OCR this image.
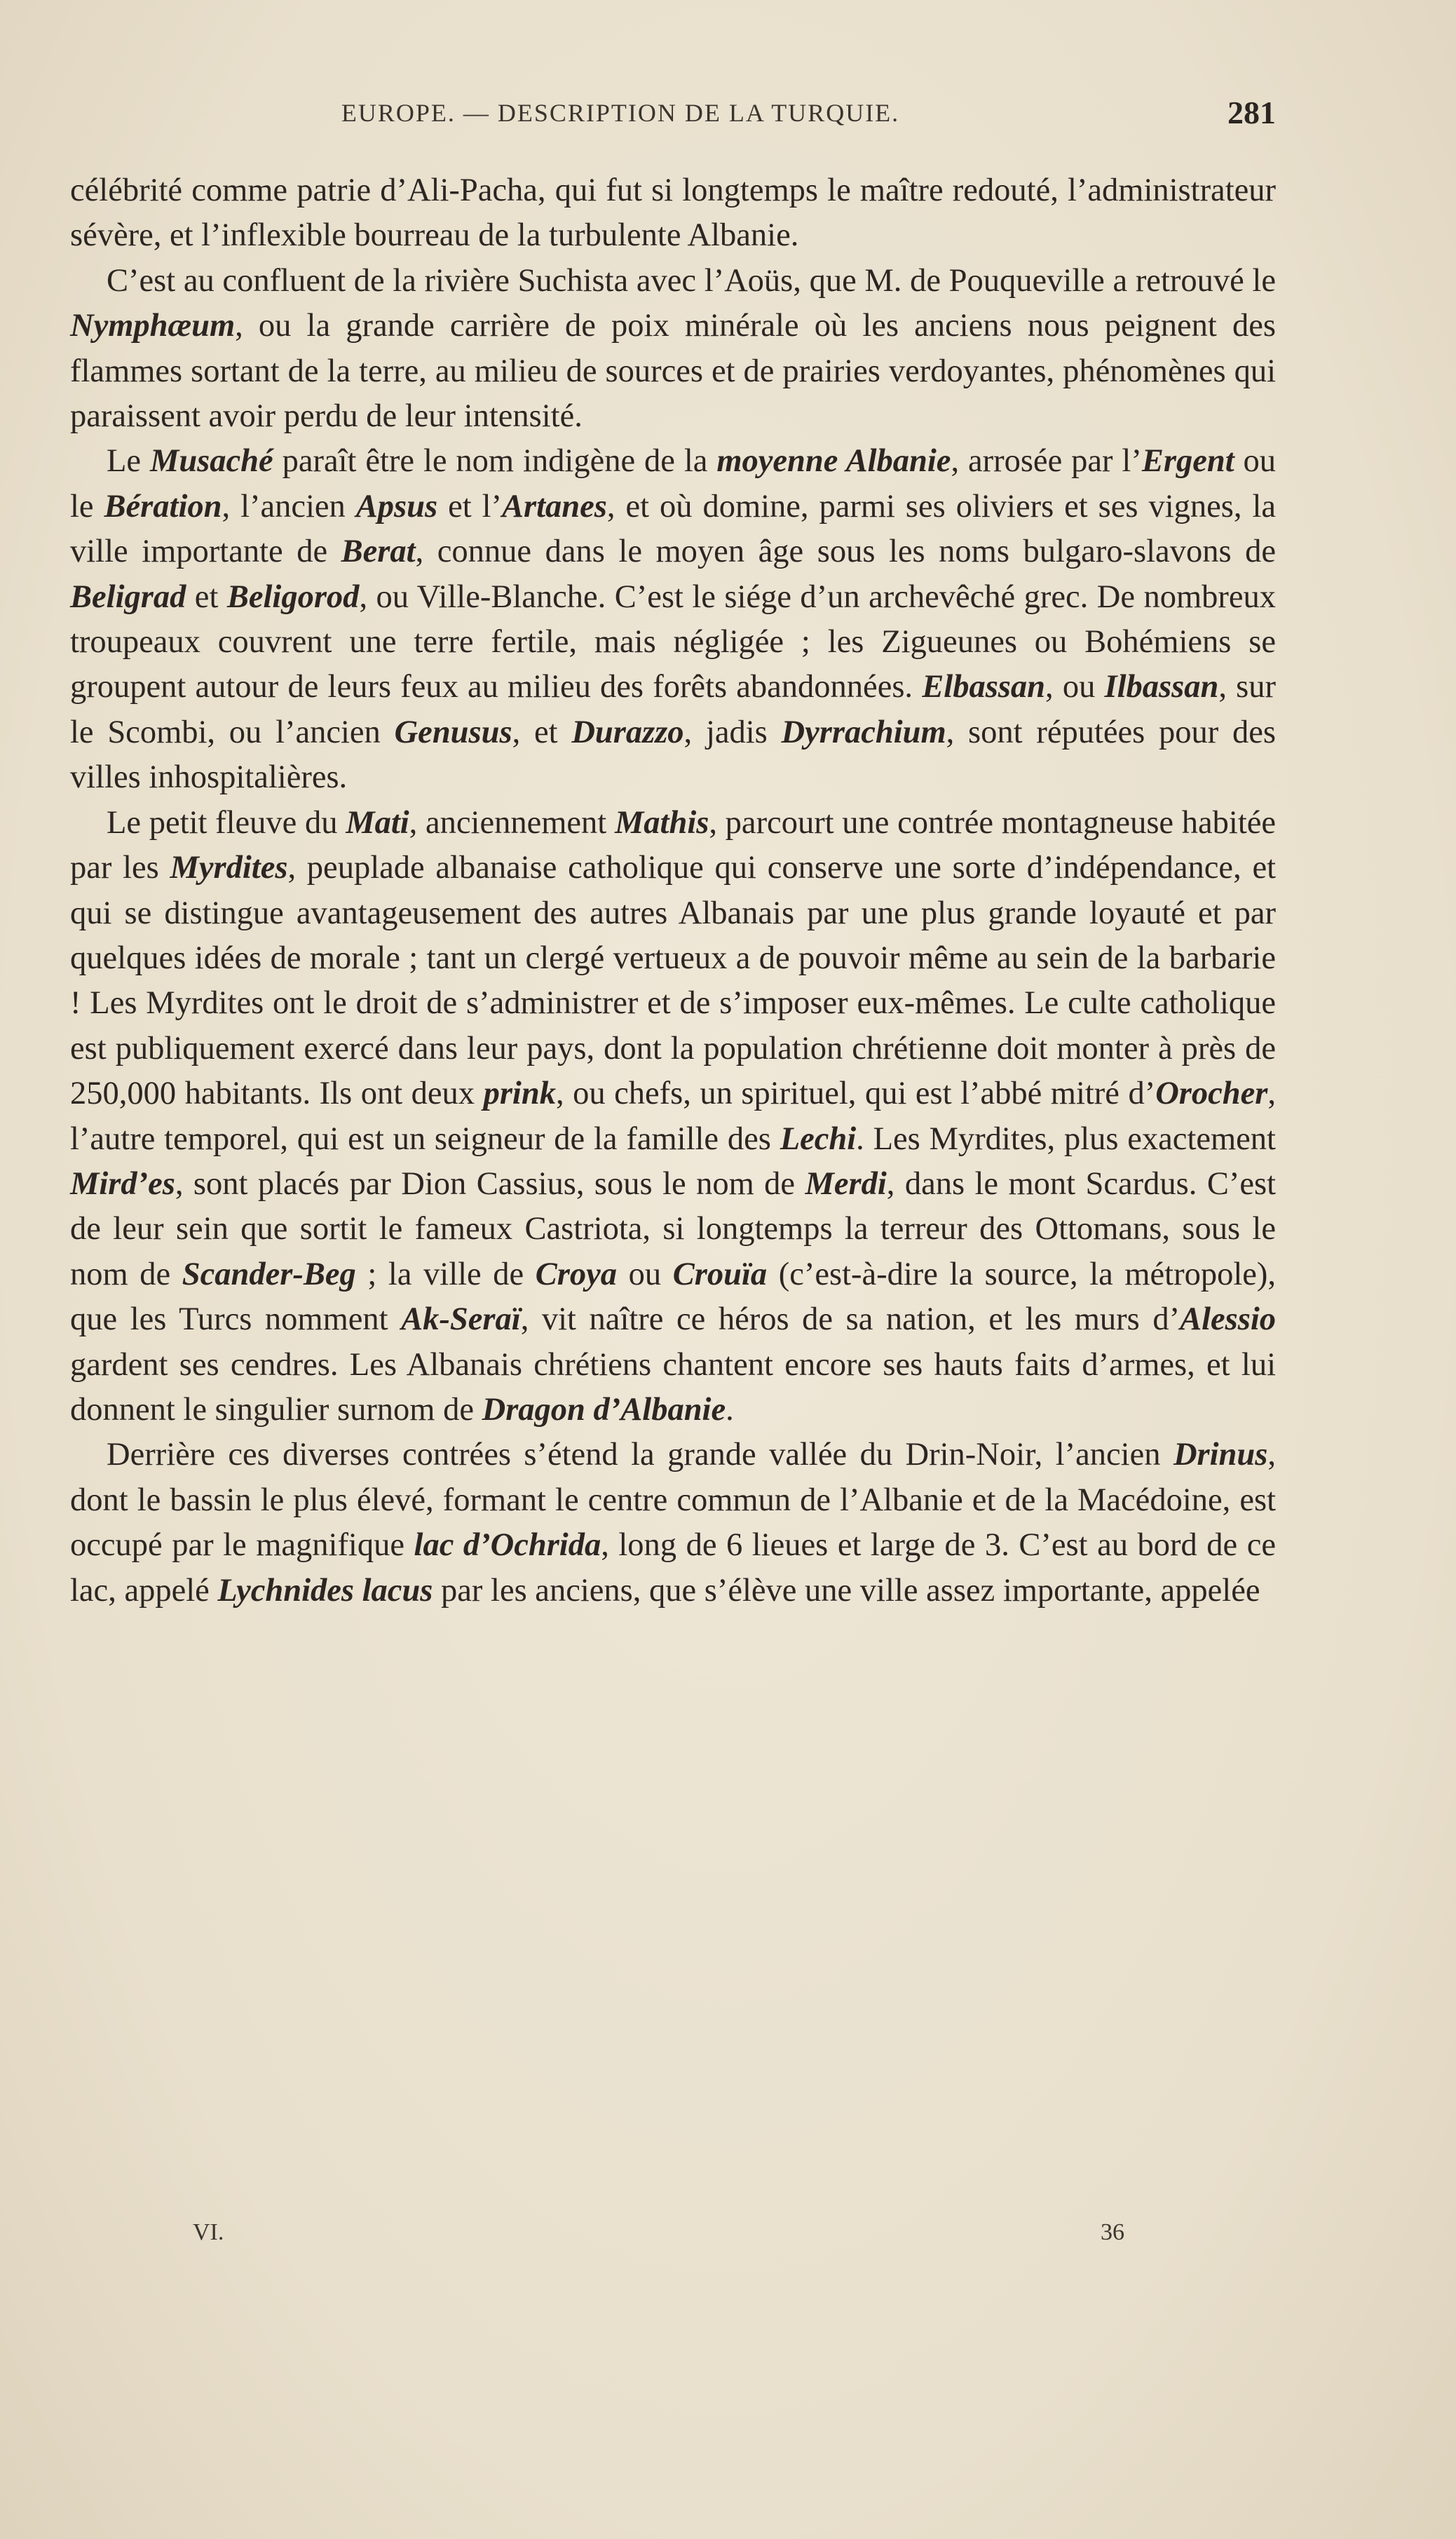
EUROPE. — DESCRIPTION DE LA TURQUIE.	281

célébrité comme patrie d’Ali-Pacha, qui fut si longtemps le maître redouté, l’administrateur sévère, et l’inflexible bourreau de la turbulente Albanie.

C’est au confluent de la rivière Suchista avec l’Aoüs, que M. de Pouqueville a retrouvé le Nymphæum, ou la grande carrière de poix minérale où les anciens nous peignent des flammes sortant de la terre, au milieu de sources et de prairies verdoyantes, phénomènes qui paraissent avoir perdu de leur intensité.

Le Musaché paraît être le nom indigène de la moyenne Albanie, arrosée par l’Ergent ou le Bération, l’ancien Apsus et l’Artanes, et où domine, parmi ses oliviers et ses vignes, la ville importante de Berat, connue dans le moyen âge sous les noms bulgaro-slavons de Beligrad et Beligorod, ou Ville-Blanche. C’est le siége d’un archevêché grec. De nombreux troupeaux couvrent une terre fertile, mais négligée ; les Zigueunes ou Bohémiens se groupent autour de leurs feux au milieu des forêts abandonnées. Elbassan, ou Ilbassan, sur le Scombi, ou l’ancien Genusus, et Durazzo, jadis Dyrrachium, sont réputées pour des villes inhospitalières.

Le petit fleuve du Mati, anciennement Mathis, parcourt une contrée montagneuse habitée par les Myrdites, peuplade albanaise catholique qui conserve une sorte d’indépendance, et qui se distingue avantageusement des autres Albanais par une plus grande loyauté et par quelques idées de morale ; tant un clergé vertueux a de pouvoir même au sein de la barbarie ! Les Myrdites ont le droit de s’administrer et de s’imposer eux-mêmes. Le culte catholique est publiquement exercé dans leur pays, dont la population chrétienne doit monter à près de 250,000 habitants. Ils ont deux prink, ou chefs, un spirituel, qui est l’abbé mitré d’Orocher, l’autre temporel, qui est un seigneur de la famille des Lechi. Les Myrdites, plus exactement Mird’es, sont placés par Dion Cassius, sous le nom de Merdi, dans le mont Scardus. C’est de leur sein que sortit le fameux Castriota, si longtemps la terreur des Ottomans, sous le nom de Scander-Beg ; la ville de Croya ou Crouïa (c’est-à-dire la source, la métropole), que les Turcs nomment Ak-Seraï, vit naître ce héros de sa nation, et les murs d’Alessio gardent ses cendres. Les Albanais chrétiens chantent encore ses hauts faits d’armes, et lui donnent le singulier surnom de Dragon d’Albanie.

Derrière ces diverses contrées s’étend la grande vallée du Drin-Noir, l’ancien Drinus, dont le bassin le plus élevé, formant le centre commun de l’Albanie et de la Macédoine, est occupé par le magnifique lac d’Ochrida, long de 6 lieues et large de 3. C’est au bord de ce lac, appelé Lychnides lacus par les anciens, que s’élève une ville assez importante, appelée

VI.	36
